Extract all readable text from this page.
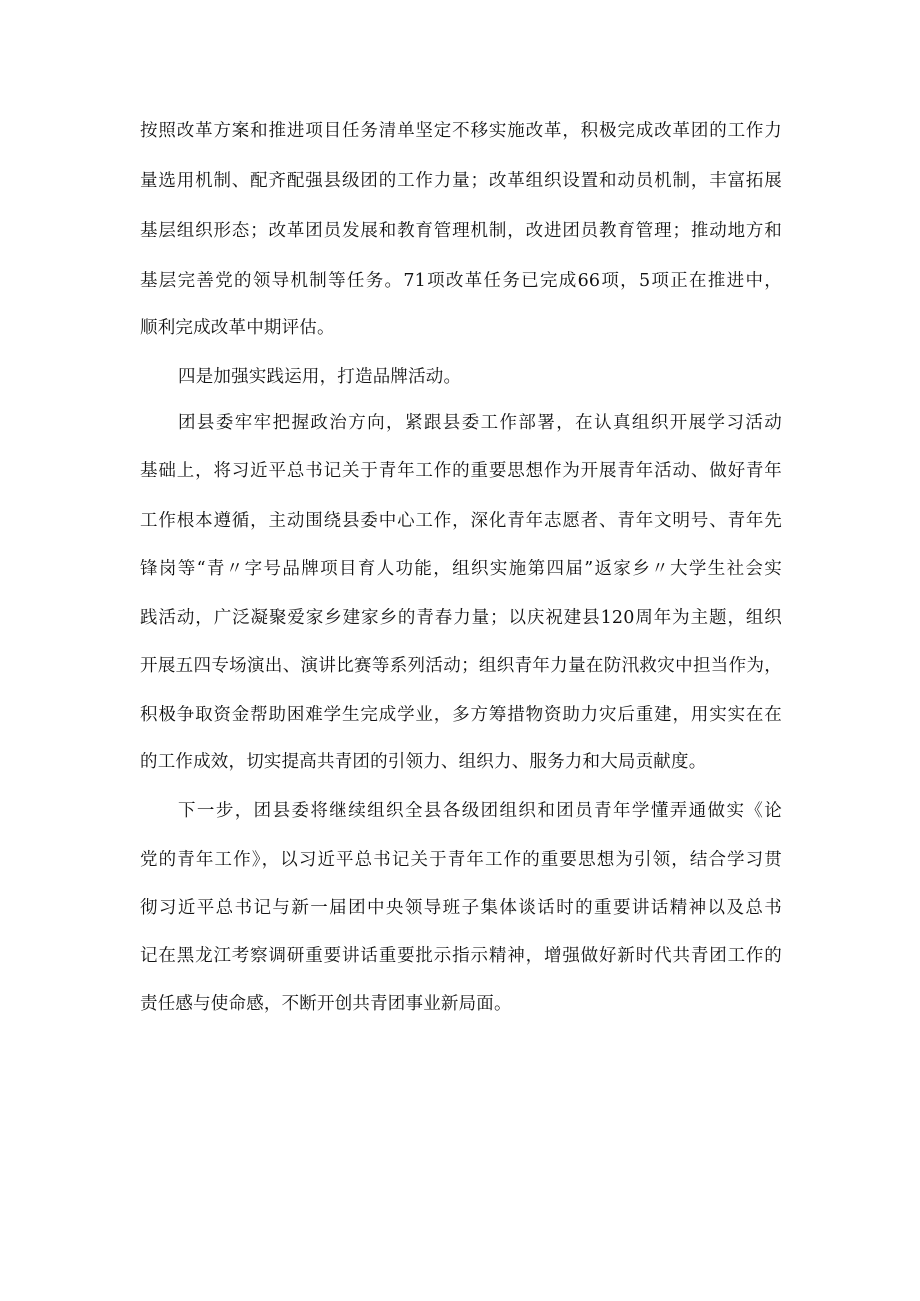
按照改革方案和推进项目任务清单坚定不移实施改革，积极完成改革团的工作力
量选用机制、配齐配强县级团的工作力量；改革组织设置和动员机制，丰富拓展
基层组织形态；改革团员发展和教育管理机制，改进团员教育管理；推动地方和
基层完善党的领导机制等任务。71项改革任务已完成66项，5项正在推进中，
顺利完成改革中期评估。
四是加强实践运用，打造品牌活动。
团县委牢牢把握政治方向，紧跟县委工作部署，在认真组织开展学习活动
基础上，将习近平总书记关于青年工作的重要思想作为开展青年活动、做好青年
工作根本遵循，主动围绕县委中心工作，深化青年志愿者、青年文明号、青年先
锋岗等“青〃字号品牌项目育人功能，组织实施第四届”返家乡〃大学生社会实
践活动，广泛凝聚爱家乡建家乡的青春力量；以庆祝建县120周年为主题，组织
开展五四专场演出、演讲比赛等系列活动；组织青年力量在防汛救灾中担当作为，
积极争取资金帮助困难学生完成学业，多方筹措物资助力灾后重建，用实实在在
的工作成效，切实提高共青团的引领力、组织力、服务力和大局贡献度。
下一步，团县委将继续组织全县各级团组织和团员青年学懂弄通做实《论
党的青年工作》，以习近平总书记关于青年工作的重要思想为引领，结合学习贯
彻习近平总书记与新一届团中央领导班子集体谈话时的重要讲话精神以及总书
记在黑龙江考察调研重要讲话重要批示指示精神，增强做好新时代共青团工作的
责任感与使命感，不断开创共青团事业新局面。
